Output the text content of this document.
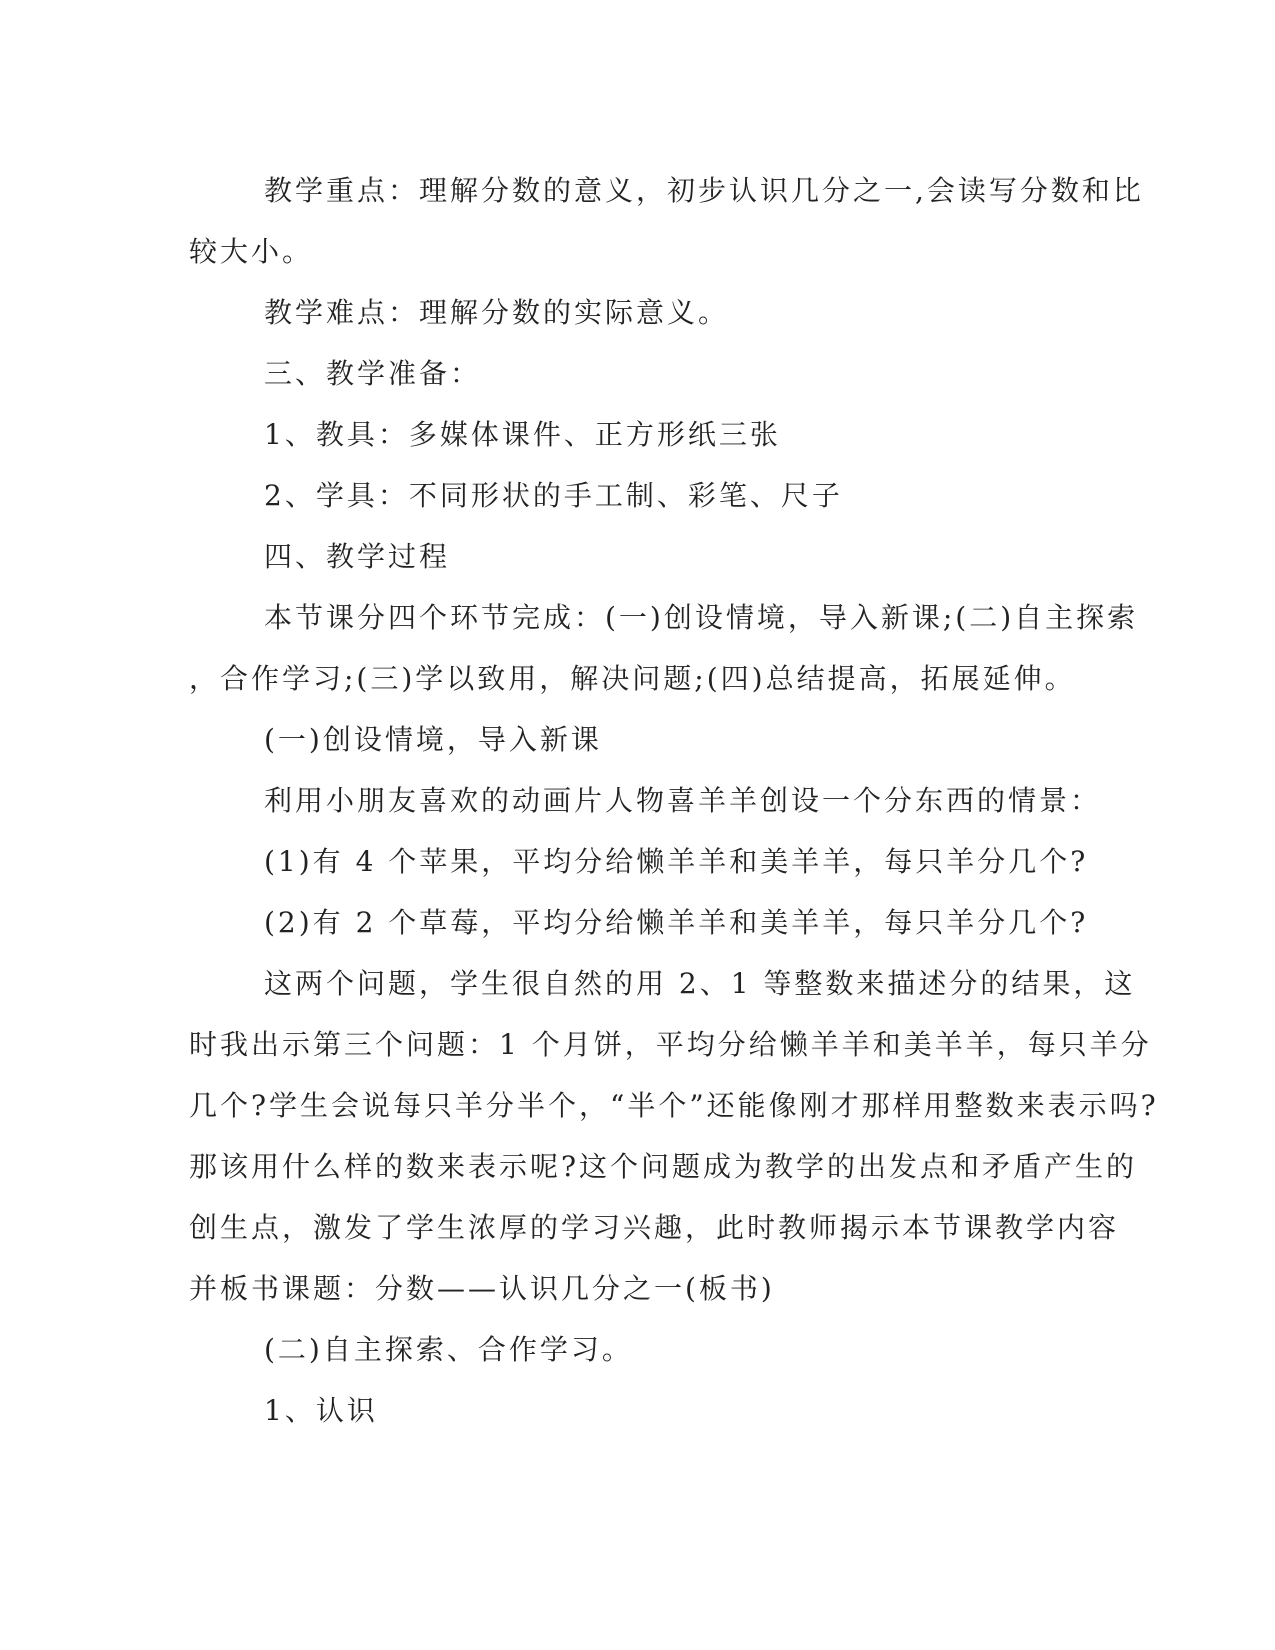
教学重点：理解分数的意义，初步认识几分之一,会读写分数和比
较大小。
教学难点：理解分数的实际意义。
三、教学准备：
1、教具：多媒体课件、正方形纸三张
2、学具：不同形状的手工制、彩笔、尺子
四、教学过程
本节课分四个环节完成：(一)创设情境，导入新课;(二)自主探索
，合作学习;(三)学以致用，解决问题;(四)总结提高，拓展延伸。
(一)创设情境，导入新课
利用小朋友喜欢的动画片人物喜羊羊创设一个分东西的情景：
(1)有 4 个苹果，平均分给懒羊羊和美羊羊，每只羊分几个?
(2)有 2 个草莓，平均分给懒羊羊和美羊羊，每只羊分几个?
这两个问题，学生很自然的用 2、1 等整数来描述分的结果，这
时我出示第三个问题：1 个月饼，平均分给懒羊羊和美羊羊，每只羊分
几个?学生会说每只羊分半个，“半个”还能像刚才那样用整数来表示吗?
那该用什么样的数来表示呢?这个问题成为教学的出发点和矛盾产生的
创生点，激发了学生浓厚的学习兴趣，此时教师揭示本节课教学内容
并板书课题：分数——认识几分之一(板书)
(二)自主探索、合作学习。
1、认识
